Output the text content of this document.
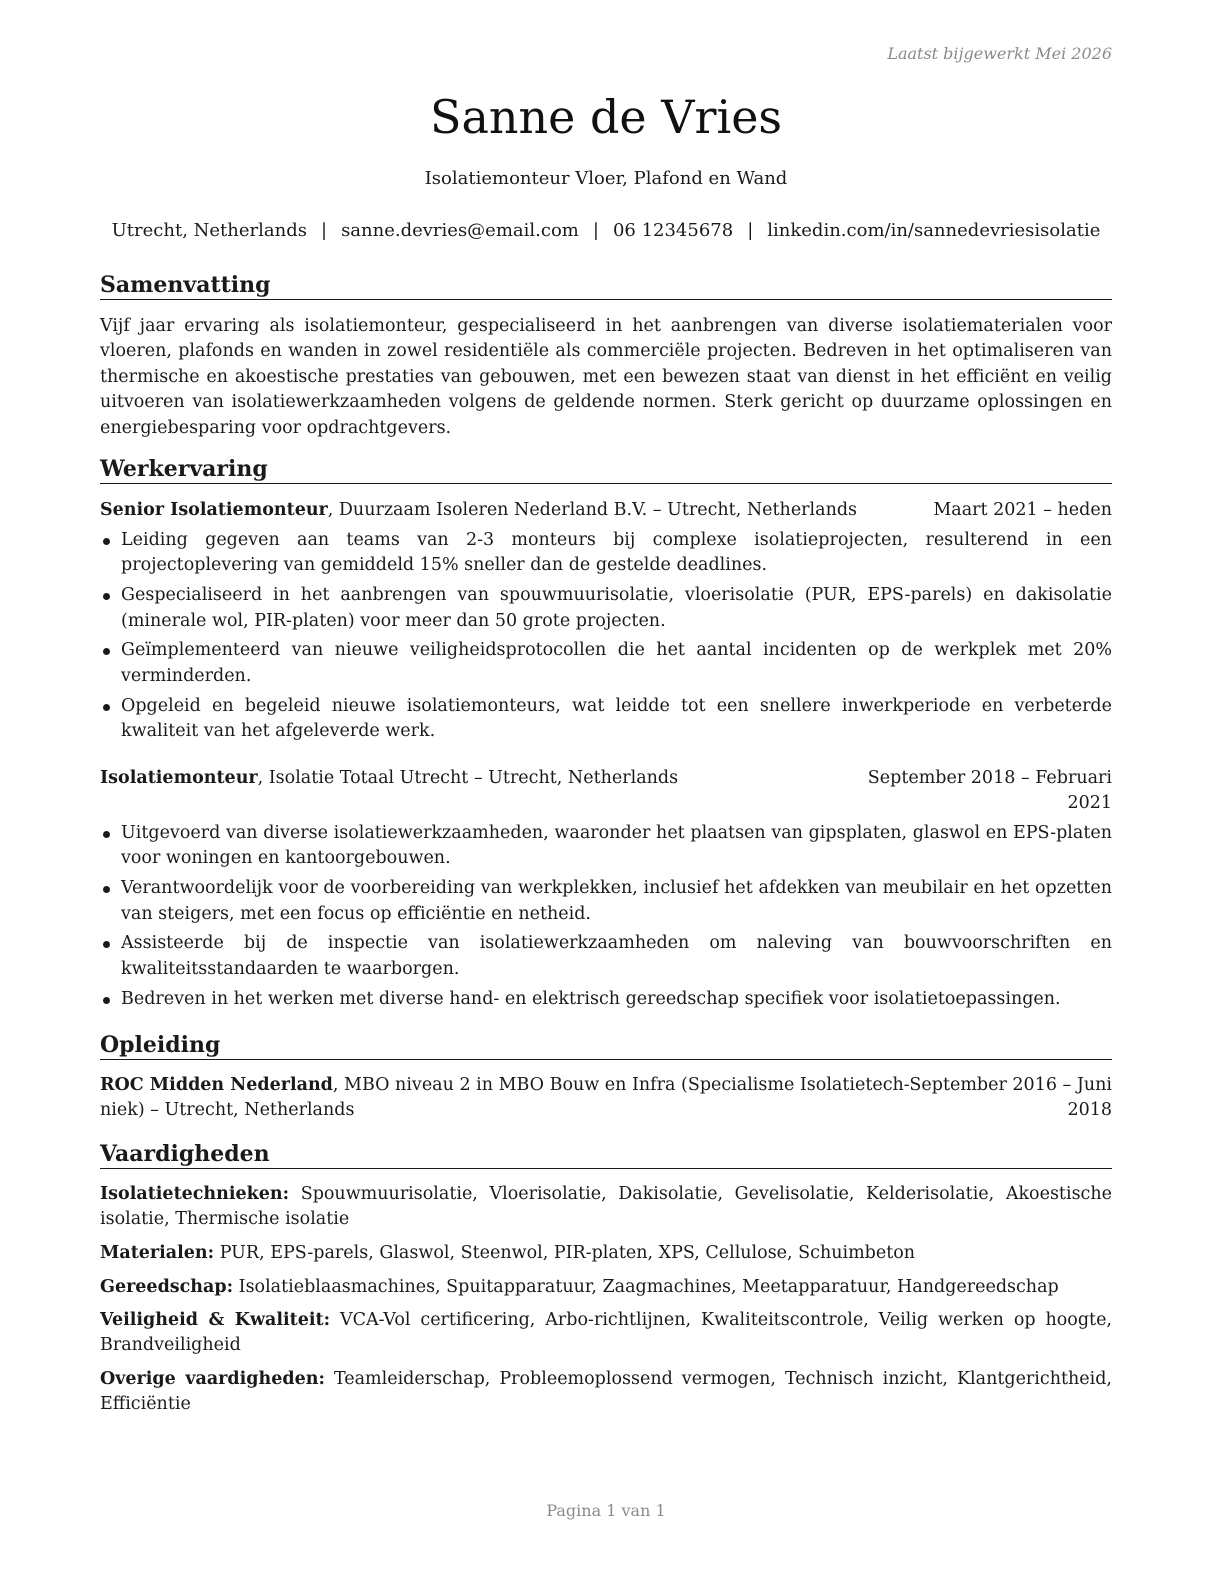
Laatst bijgewerkt Mei 2026
Sanne de Vries
Isolatiemonteur Vloer, Plafond en Wand
Utrecht, Netherlands | sanne.devries@email.com | 06 12345678 | linkedin.com/in/sannedevriesisolatie
Samenvatting
Vijf jaar ervaring als isolatiemonteur, gespecialiseerd in het aanbrengen van diverse isolatiematerialen voor vloeren, plafonds en wanden in zowel residentiële als commerciële projecten. Bedreven in het optimaliseren van thermische en akoestische prestaties van gebouwen, met een bewezen staat van dienst in het efficiënt en veilig uitvoeren van isolatiewerkzaamheden volgens de geldende normen. Sterk gericht op duurzame oplossingen en energiebesparing voor opdrachtgevers.
Werkervaring
Senior Isolatiemonteur, Duurzaam Isoleren Nederland B.V. – Utrecht, Netherlands	Maart 2021 – heden
Leiding gegeven aan teams van 2-3 monteurs bij complexe isolatieprojecten, resulterend in een projectoplevering van gemiddeld 15% sneller dan de gestelde deadlines.
Gespecialiseerd in het aanbrengen van spouwmuurisolatie, vloerisolatie (PUR, EPS-parels) en dakisolatie (minerale wol, PIR-platen) voor meer dan 50 grote projecten.
Geïmplementeerd van nieuwe veiligheidsprotocollen die het aantal incidenten op de werkplek met 20% verminderden.
Opgeleid en begeleid nieuwe isolatiemonteurs, wat leidde tot een snellere inwerkperiode en verbeterde kwaliteit van het afgeleverde werk.
Isolatiemonteur, Isolatie Totaal Utrecht – Utrecht, Netherlands	September 2018 – Februari
2021
Uitgevoerd van diverse isolatiewerkzaamheden, waaronder het plaatsen van gipsplaten, glaswol en EPS-platen voor woningen en kantoorgebouwen.
Verantwoordelijk voor de voorbereiding van werkplekken, inclusief het afdekken van meubilair en het opzetten van steigers, met een focus op efficiëntie en netheid.
Assisteerde bij de inspectie van isolatiewerkzaamheden om naleving van bouwvoorschriften en kwaliteitsstandaarden te waarborgen.
Bedreven in het werken met diverse hand- en elektrisch gereedschap specifiek voor isolatietoepassingen.
Opleiding
ROC Midden Nederland, MBO niveau 2 in MBO Bouw en Infra (Specialisme Isolatietech-
niek) – Utrecht, Netherlands
September 2016 – Juni
2018
Vaardigheden
Isolatietechnieken: Spouwmuurisolatie, Vloerisolatie, Dakisolatie, Gevelisolatie, Kelderisolatie, Akoestische isolatie, Thermische isolatie
Materialen: PUR, EPS-parels, Glaswol, Steenwol, PIR-platen, XPS, Cellulose, Schuimbeton
Gereedschap: Isolatieblaasmachines, Spuitapparatuur, Zaagmachines, Meetapparatuur, Handgereedschap
Veiligheid & Kwaliteit: VCA-Vol certificering, Arbo-richtlijnen, Kwaliteitscontrole, Veilig werken op hoogte, Brandveiligheid
Overige vaardigheden: Teamleiderschap, Probleemoplossend vermogen, Technisch inzicht, Klantgerichtheid, Efficiëntie
Pagina 1 van 1
